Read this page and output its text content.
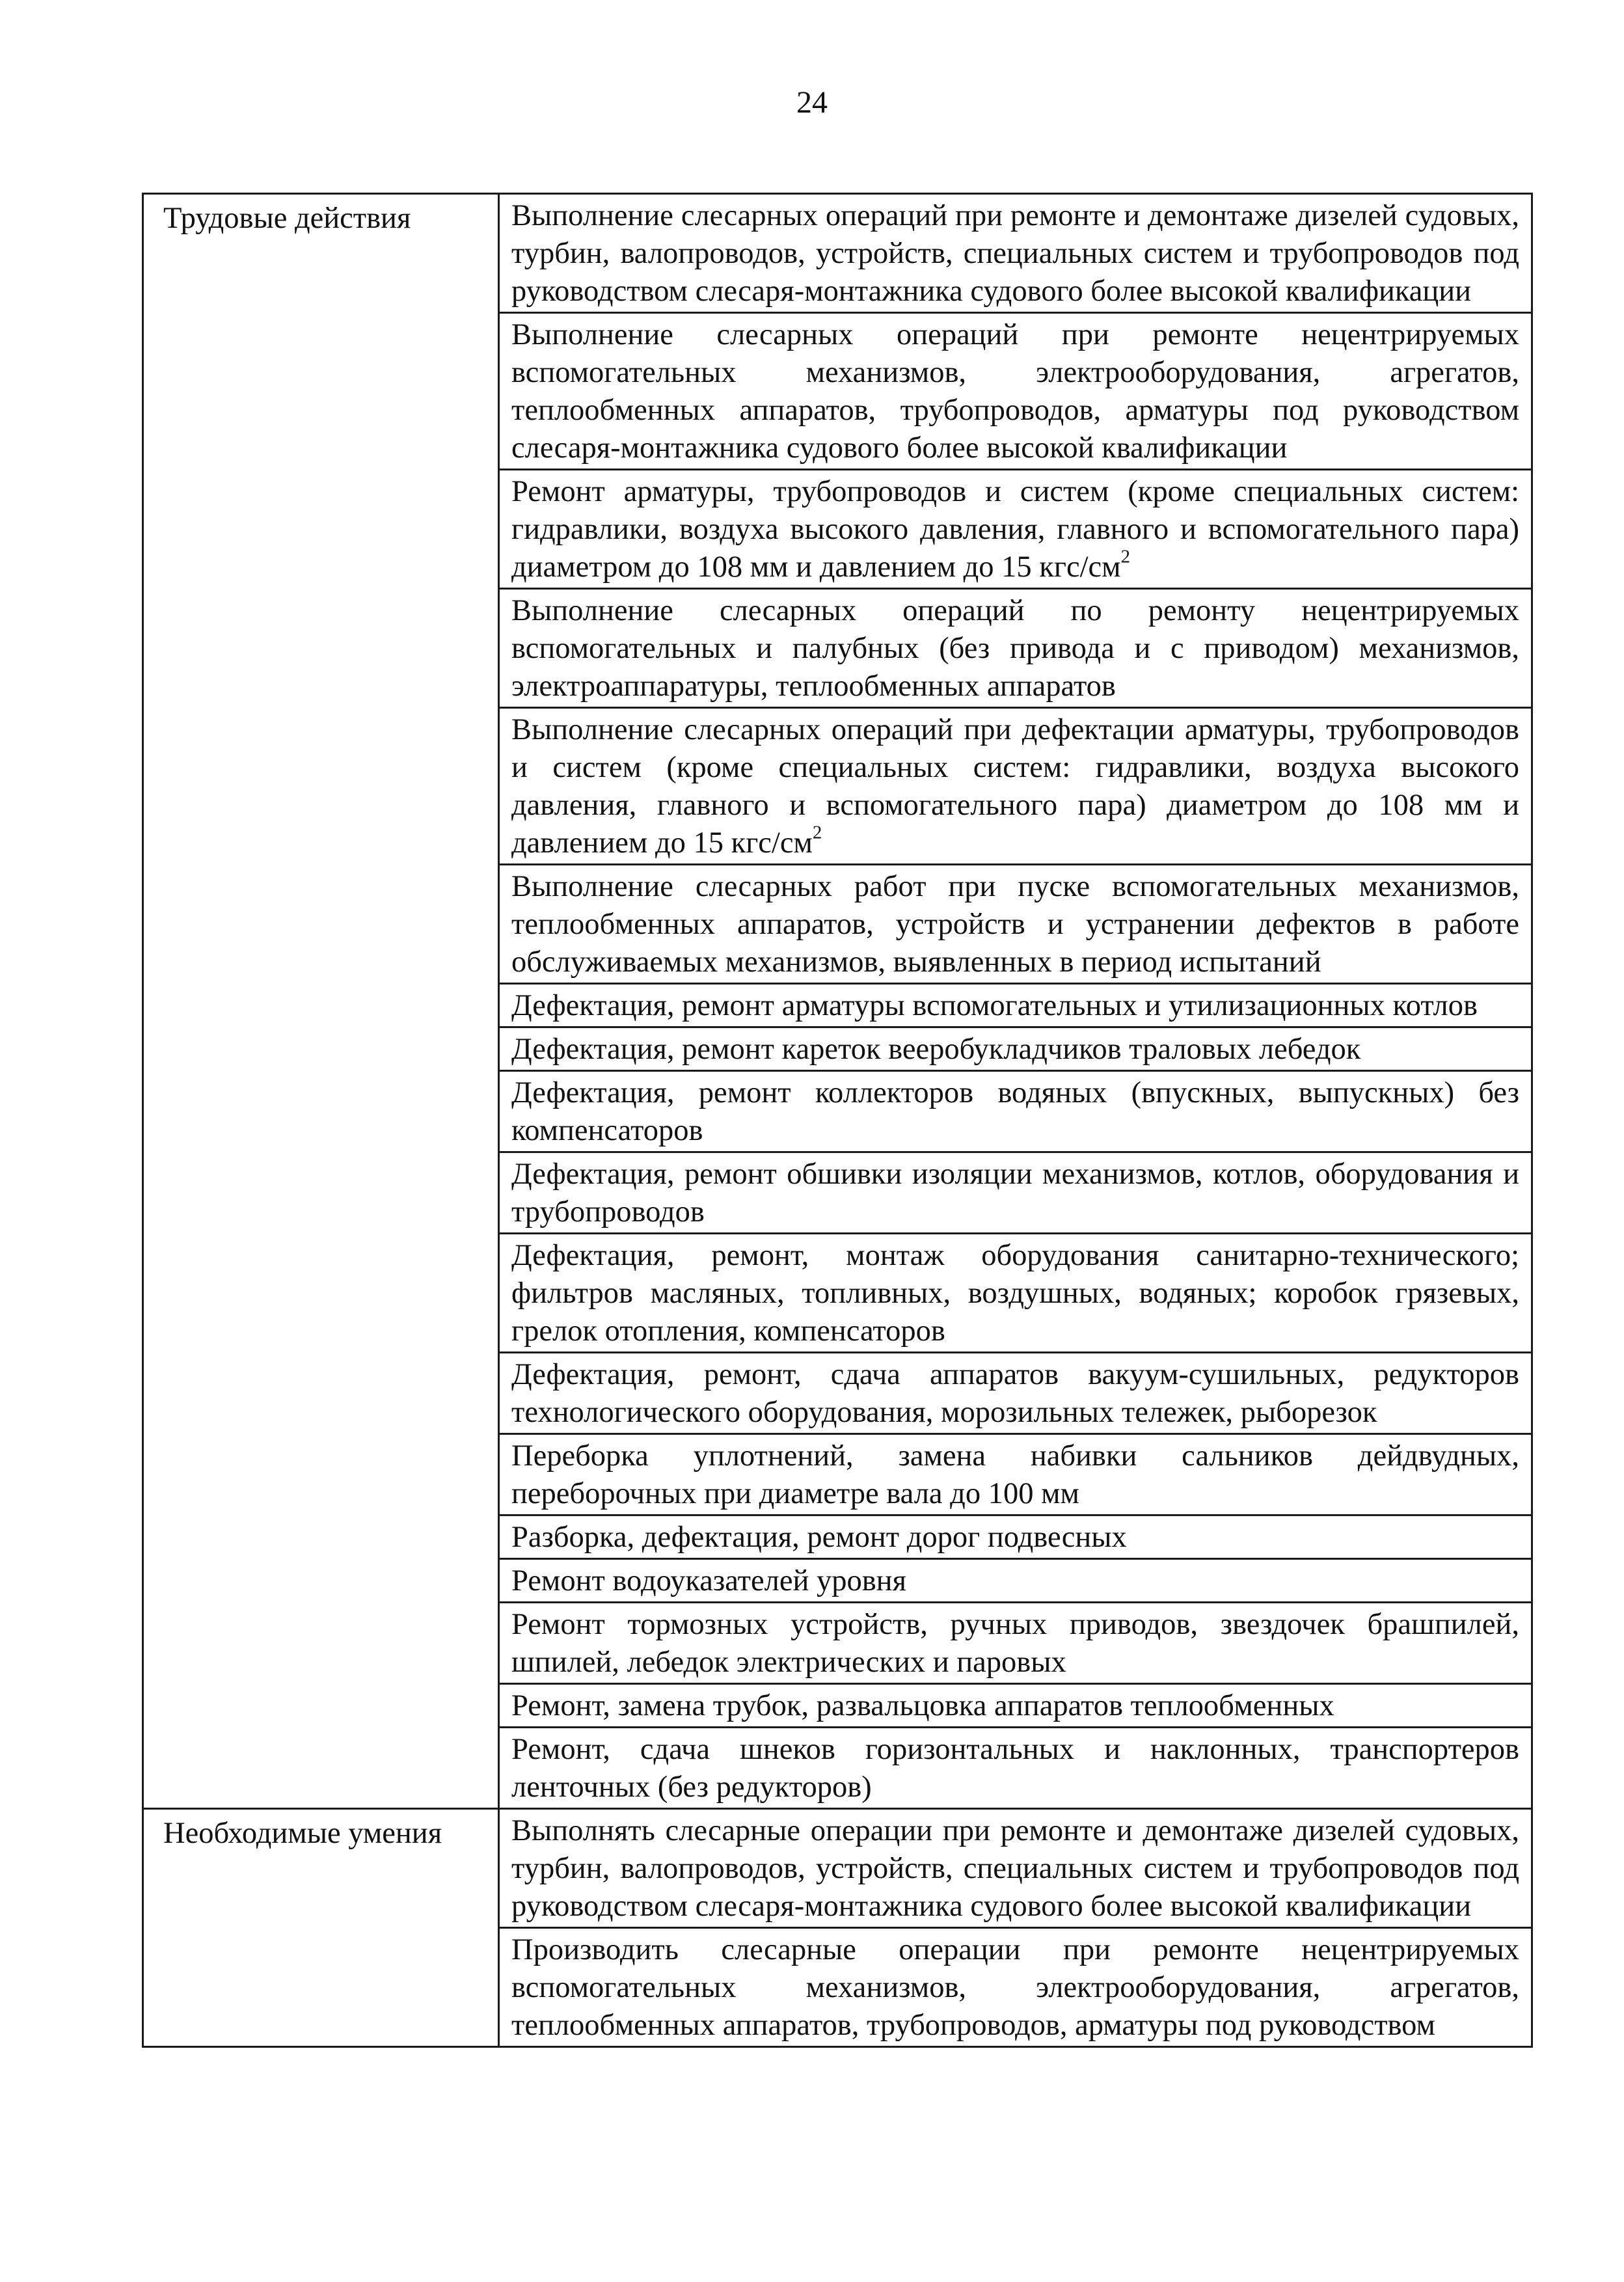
24
Трудовые действия	Выполнение слесарных операций при ремонте и демонтаже дизелей судовых, турбин, валопроводов, устройств, специальных систем и трубопроводов под руководством слесаря-монтажника судового более высокой квалификации
	Выполнение слесарных операций при ремонте нецентрируемых вспомогательных механизмов, электрооборудования, агрегатов, теплообменных аппаратов, трубопроводов, арматуры под руководством слесаря-монтажника судового более высокой квалификации
	Ремонт арматуры, трубопроводов и систем (кроме специальных систем: гидравлики, воздуха высокого давления, главного и вспомогательного пара) диаметром до 108 мм и давлением до 15 кгс/$см^2$
	Выполнение слесарных операций по ремонту нецентрируемых вспомогательных и палубных (без привода и с приводом) механизмов, электроаппаратуры, теплообменных аппаратов
	Выполнение слесарных операций при дефектации арматуры, трубопроводов и систем (кроме специальных систем: гидравлики, воздуха высокого давления, главного и вспомогательного пара) диаметром до 108 мм и давлением до 15 кгс/$см^2$
	Выполнение слесарных работ при пуске вспомогательных механизмов, теплообменных аппаратов, устройств и устранении дефектов в работе обслуживаемых механизмов, выявленных в период испытаний
	Дефектация, ремонт арматуры вспомогательных и утилизационных котлов
	Дефектация, ремонт кареток вееробукладчиков траловых лебедок
	Дефектация, ремонт коллекторов водяных (впускных, выпускных) без компенсаторов
	Дефектация, ремонт обшивки изоляции механизмов, котлов, оборудования и трубопроводов
	Дефектация, ремонт, монтаж оборудования санитарно-технического; фильтров масляных, топливных, воздушных, водяных; коробок грязевых, грелок отопления, компенсаторов
	Дефектация, ремонт, сдача аппаратов вакуум-сушильных, редукторов технологического оборудования, морозильных тележек, рыборезок
	Переборка уплотнений, замена набивки сальников дейдвудных, переборочных при диаметре вала до 100 мм
	Разборка, дефектация, ремонт дорог подвесных
	Ремонт водоуказателей уровня
	Ремонт тормозных устройств, ручных приводов, звездочек брашпилей, шпилей, лебедок электрических и паровых
	Ремонт, замена трубок, развальцовка аппаратов теплообменных
	Ремонт, сдача шнеков горизонтальных и наклонных, транспортеров ленточных (без редукторов)
Необходимые умения	Выполнять слесарные операции при ремонте и демонтаже дизелей судовых, турбин, валопроводов, устройств, специальных систем и трубопроводов под руководством слесаря-монтажника судового более высокой квалификации
	Производить слесарные операции при ремонте нецентрируемых вспомогательных механизмов, электрооборудования, агрегатов, теплообменных аппаратов, трубопроводов, арматуры под руководством
